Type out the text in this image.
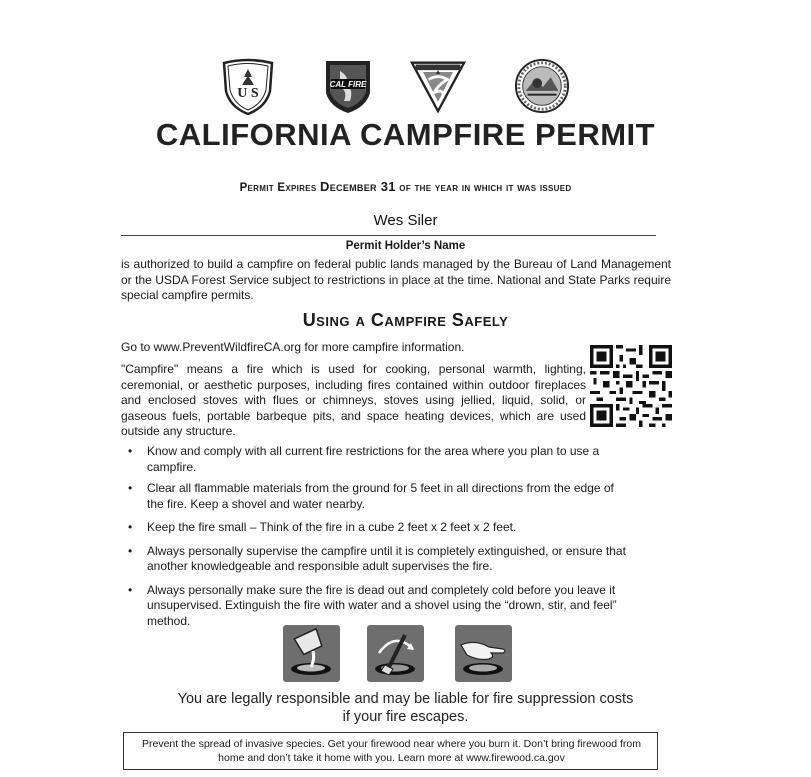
U S
CAL FIRE
CALIFORNIA CAMPFIRE PERMIT
Permit Expires December 31 of the year in which it was issued
Wes Siler
Permit Holder’s Name
is authorized to build a campfire on federal public lands managed by the Bureau of Land Management or the USDA Forest Service subject to restrictions in place at the time. National and State Parks require special campfire permits.
Using a Campfire Safely
Go to www.PreventWildfireCA.org for more campfire information.
"Campfire" means a fire which is used for cooking, personal warmth, lighting, ceremonial, or aesthetic purposes, including fires contained within outdoor fireplaces and enclosed stoves with flues or chimneys, stoves using jellied, liquid, solid, or gaseous fuels, portable barbeque pits, and space heating devices, which are used outside any structure.
• Know and comply with all current fire restrictions for the area where you plan to use a campfire.
• Clear all flammable materials from the ground for 5 feet in all directions from the edge of the fire. Keep a shovel and water nearby.
• Keep the fire small – Think of the fire in a cube 2 feet x 2 feet x 2 feet.
• Always personally supervise the campfire until it is completely extinguished, or ensure that another knowledgeable and responsible adult supervises the fire.
• Always personally make sure the fire is dead out and completely cold before you leave it unsupervised. Extinguish the fire with water and a shovel using the “drown, stir, and feel” method.
You are legally responsible and may be liable for fire suppression costs
if your fire escapes.
Prevent the spread of invasive species. Get your firewood near where you burn it. Don’t bring firewood from home and don’t take it home with you. Learn more at www.firewood.ca.gov
